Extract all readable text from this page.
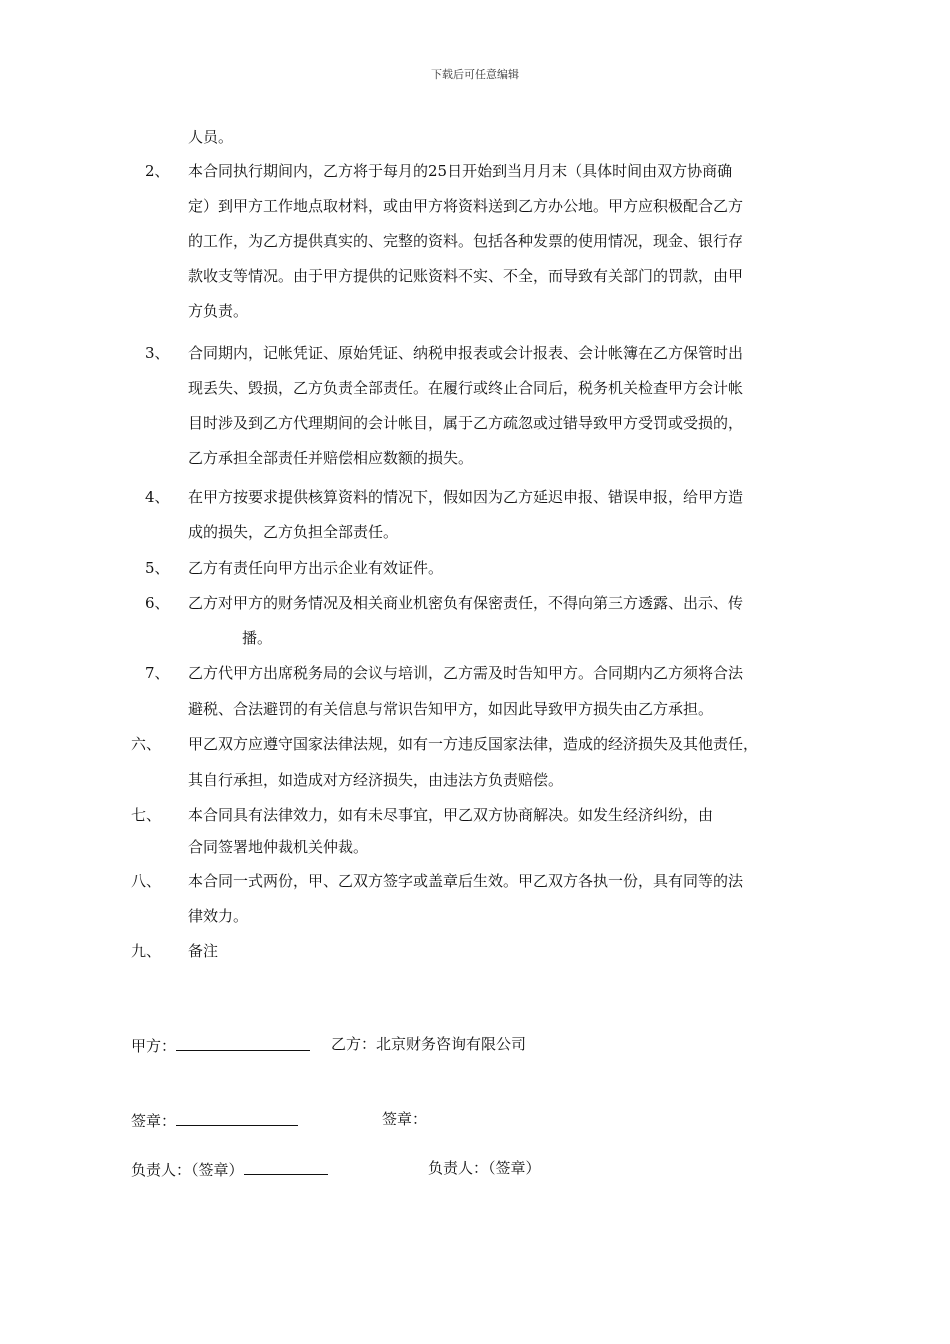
下载后可任意编辑
人员。
2、 本合同执行期间内，乙方将于每月的25日开始到当月月末（具体时间由双方协商确
定）到甲方工作地点取材料，或由甲方将资料送到乙方办公地。甲方应积极配合乙方
的工作，为乙方提供真实的、完整的资料。包括各种发票的使用情况，现金、银行存
款收支等情况。由于甲方提供的记账资料不实、不全，而导致有关部门的罚款，由甲
方负责。
3、 合同期内，记帐凭证、原始凭证、纳税申报表或会计报表、会计帐簿在乙方保管时出
现丢失、毁损，乙方负责全部责任。在履行或终止合同后，税务机关检查甲方会计帐
目时涉及到乙方代理期间的会计帐目，属于乙方疏忽或过错导致甲方受罚或受损的，
乙方承担全部责任并赔偿相应数额的损失。
4、 在甲方按要求提供核算资料的情况下，假如因为乙方延迟申报、错误申报，给甲方造
成的损失，乙方负担全部责任。
5、 乙方有责任向甲方出示企业有效证件。
6、 乙方对甲方的财务情况及相关商业机密负有保密责任，不得向第三方透露、出示、传
播。
7、 乙方代甲方出席税务局的会议与培训，乙方需及时告知甲方。合同期内乙方须将合法
避税、合法避罚的有关信息与常识告知甲方，如因此导致甲方损失由乙方承担。
六、 甲乙双方应遵守国家法律法规，如有一方违反国家法律，造成的经济损失及其他责任，
其自行承担，如造成对方经济损失，由违法方负责赔偿。
七、 本合同具有法律效力，如有未尽事宜，甲乙双方协商解决。如发生经济纠纷，由
合同签署地仲裁机关仲裁。
八、 本合同一式两份，甲、乙双方签字或盖章后生效。甲乙双方各执一份，具有同等的法
律效力。
九、 备注
甲方：	乙方：北京财务咨询有限公司
签章：	签章：
负责人：（签章）	负责人：（签章）
